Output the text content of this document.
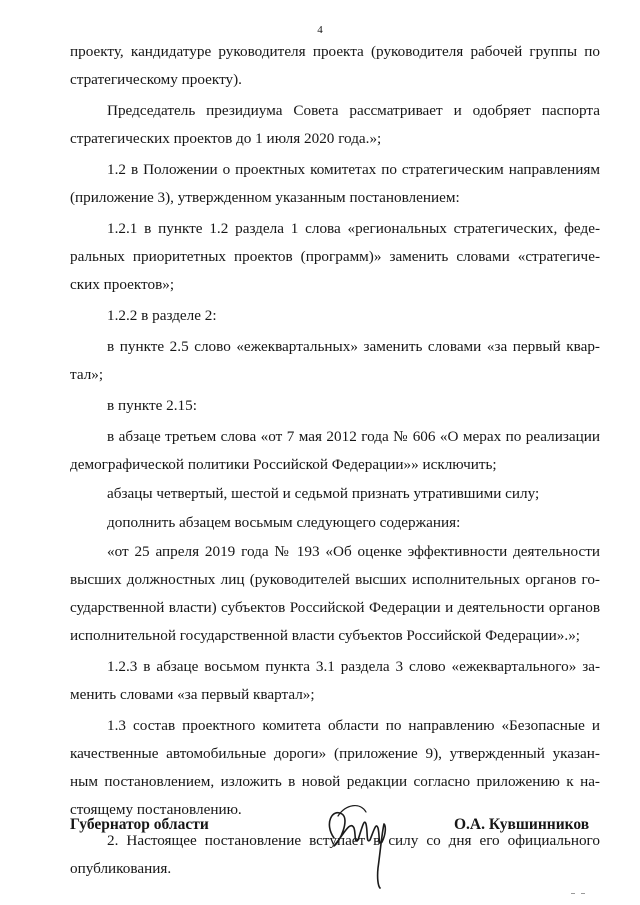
4
проекту, кандидатуре руководителя проекта (руководителя рабочей группы по
стратегическому проекту).
Председатель президиума Совета рассматривает и одобряет паспорта
стратегических проектов до 1 июля 2020 года.»;
1.2 в Положении о проектных комитетах по стратегическим направлениям
(приложение 3), утвержденном указанным постановлением:
1.2.1 в пункте 1.2 раздела 1 слова «региональных стратегических, феде-
ральных приоритетных проектов (программ)» заменить словами «стратегиче-
ских проектов»;
1.2.2 в разделе 2:
в пункте 2.5 слово «ежеквартальных» заменить словами «за первый квар-
тал»;
в пункте 2.15:
в абзаце третьем слова «от 7 мая 2012 года № 606 «О мерах по реализации
демографической политики Российской Федерации»» исключить;
абзацы четвертый, шестой и седьмой признать утратившими силу;
дополнить абзацем восьмым следующего содержания:
«от 25 апреля 2019 года № 193 «Об оценке эффективности деятельности
высших должностных лиц (руководителей высших исполнительных органов го-
сударственной власти) субъектов Российской Федерации и деятельности органов
исполнительной государственной власти субъектов Российской Федерации».»;
1.2.3 в абзаце восьмом пункта 3.1 раздела 3 слово «ежеквартального» за-
менить словами «за первый квартал»;
1.3 состав проектного комитета области по направлению «Безопасные и
качественные автомобильные дороги» (приложение 9), утвержденный указан-
ным постановлением, изложить в новой редакции согласно приложению к на-
стоящему постановлению.
2. Настоящее постановление вступает в силу со дня его официального
опубликования.
Губернатор области	О.А. Кувшинников
